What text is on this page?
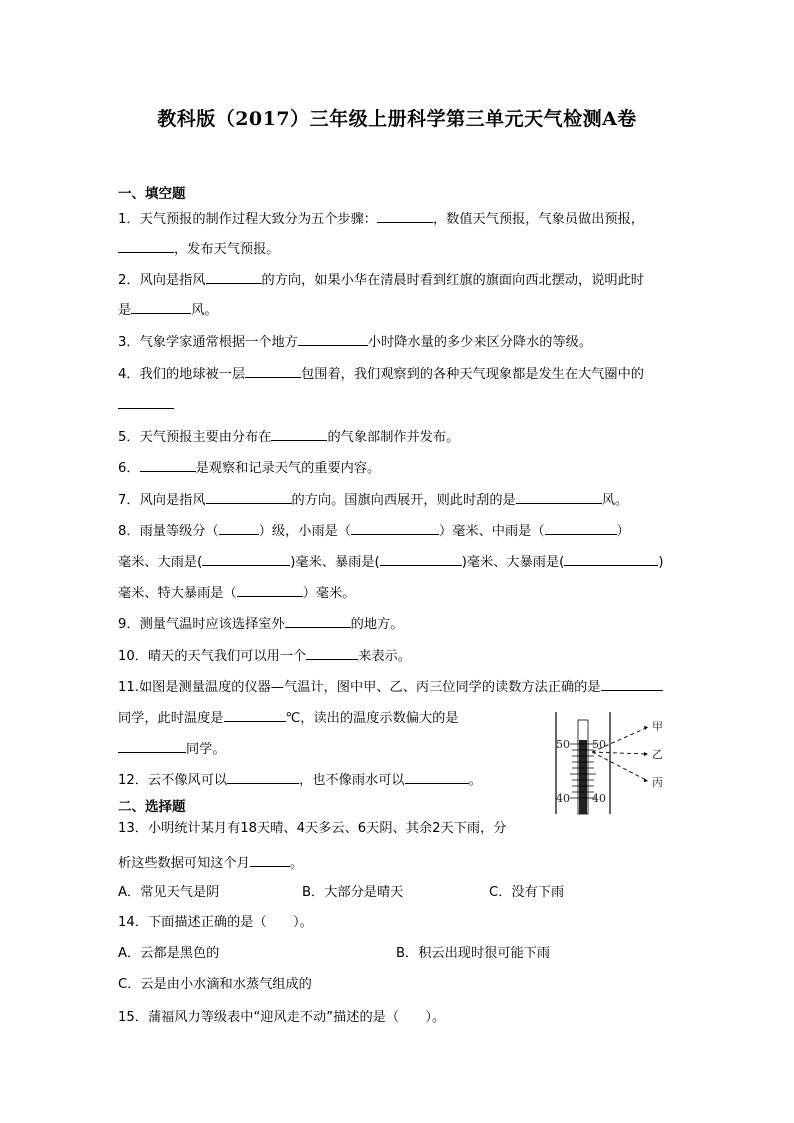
教科版（2017）三年级上册科学第三单元天气检测A卷
一、填空题
1．天气预报的制作过程大致分为五个步骤：	，数值天气预报，气象员做出预报，
，发布天气预报。
2．风向是指风	的方向，如果小华在清晨时看到红旗的旗面向西北摆动，说明此时
是	风。
3．气象学家通常根据一个地方	小时降水量的多少来区分降水的等级。
4．我们的地球被一层	包围着，我们观察到的各种天气现象都是发生在大气圈中的
5．天气预报主要由分布在	的气象部制作并发布。
6．	是观察和记录天气的重要内容。
7．风向是指风	的方向。国旗向西展开，则此时刮的是	风。
8．雨量等级分（	）级，小雨是（	）毫米、中雨是（	）
毫米、大雨是(	)毫米、暴雨是(	)毫米、大暴雨是(	)
毫米、特大暴雨是（	）毫米。
9．测量气温时应该选择室外	的地方。
10．晴天的天气我们可以用一个	来表示。
11.如图是测量温度的仪器—气温计，图中甲、乙、丙三位同学的读数方法正确的是
同学，此时温度是	℃，读出的温度示数偏大的是
同学。
12．云不像风可以	，也不像雨水可以	。
50 50
40 40
甲
乙
丙
二、选择题
13．小明统计某月有18天晴、4天多云、6天阴、其余2天下雨，分
析这些数据可知这个月	。
A．常见天气是阴	B．大部分是晴天	C．没有下雨
14．下面描述正确的是（　　）。
A．云都是黑色的	B．积云出现时很可能下雨
C．云是由小水滴和水蒸气组成的
15．蒲福风力等级表中“迎风走不动”描述的是（　　）。
